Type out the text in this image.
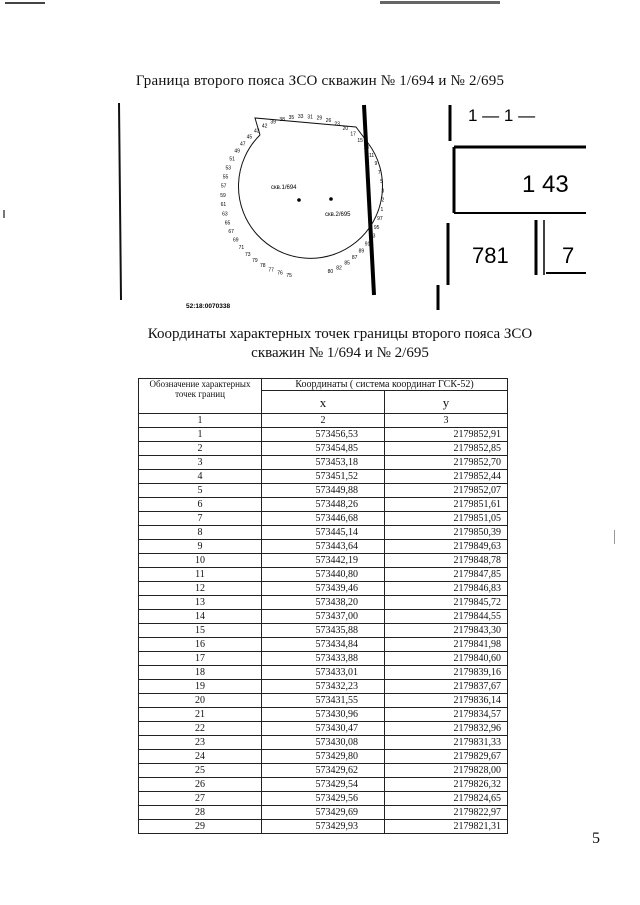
Граница второго пояса ЗСО скважин № 1/694 и № 2/695
скв.1/694
скв.2/695
75
76
77
78
79
73
71
69
67
65
63
61
59
57
55
53
51
49
47
45
43
42
39 38 35 33 31 29 26
23
20
17
15
13
11
9
7
5
3
2
1
97
95
93
91
89
87
85
82
80
52:18:0070338
1 — 1 —
1 43
781 7
Координаты характерных точек границы второго пояса ЗСО
скважин № 1/694 и № 2/695
Обозначение характерных точек границ	Координаты ( система координат ГСК-52)	
	x	y
1	2	3
1	573456,53	2179852,91
2	573454,85	2179852,85
3	573453,18	2179852,70
4	573451,52	2179852,44
5	573449,88	2179852,07
6	573448,26	2179851,61
7	573446,68	2179851,05
8	573445,14	2179850,39
9	573443,64	2179849,63
10	573442,19	2179848,78
11	573440,80	2179847,85
12	573439,46	2179846,83
13	573438,20	2179845,72
14	573437,00	2179844,55
15	573435,88	2179843,30
16	573434,84	2179841,98
17	573433,88	2179840,60
18	573433,01	2179839,16
19	573432,23	2179837,67
20	573431,55	2179836,14
21	573430,96	2179834,57
22	573430,47	2179832,96
23	573430,08	2179831,33
24	573429,80	2179829,67
25	573429,62	2179828,00
26	573429,54	2179826,32
27	573429,56	2179824,65
28	573429,69	2179822,97
29	573429,93	2179821,31
5
